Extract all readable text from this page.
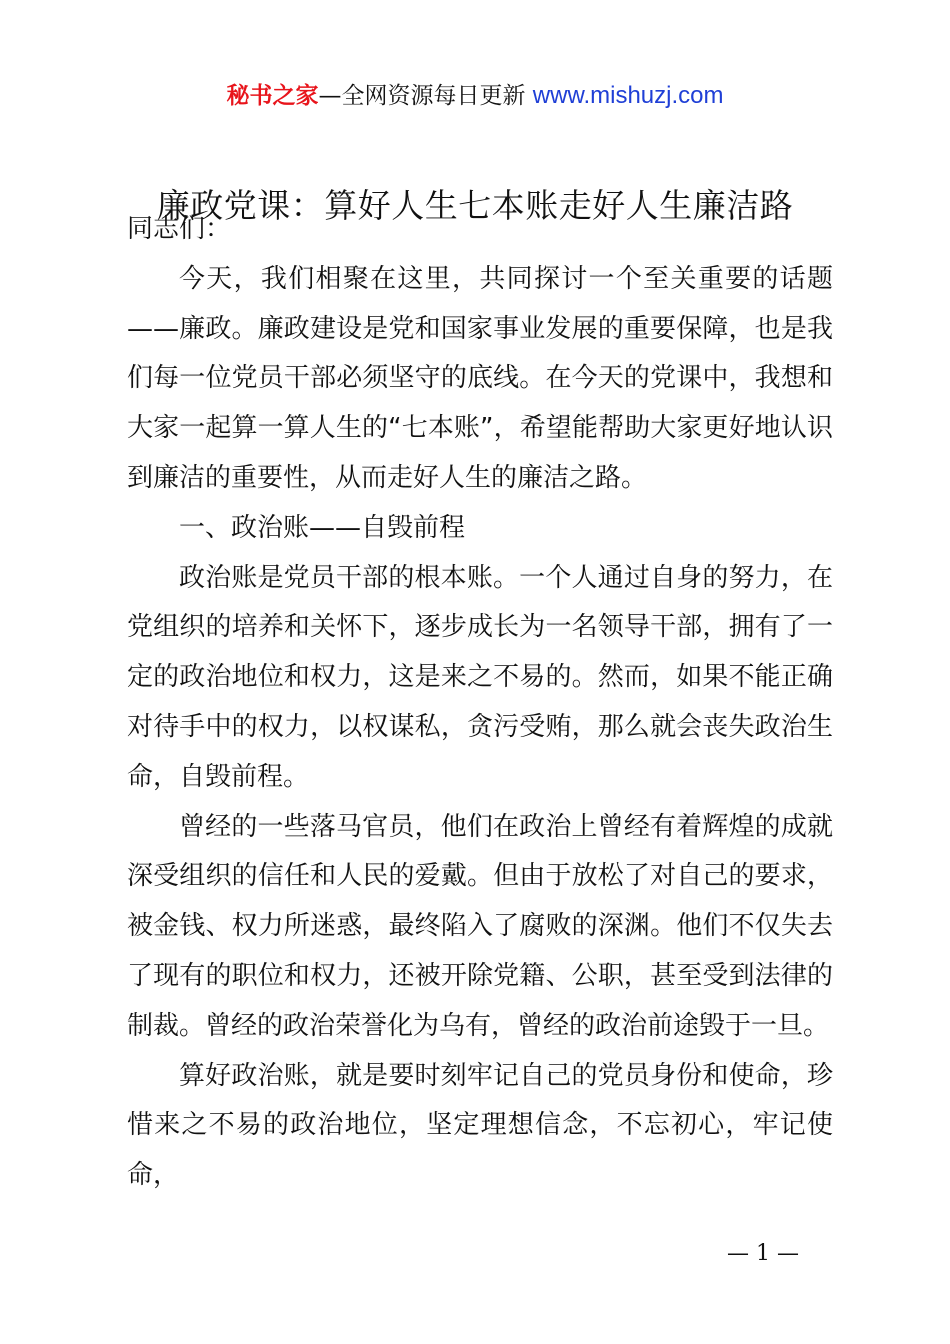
秘书之家—全网资源每日更新 www.mishuzj.com
廉政党课：算好人生七本账走好人生廉洁路

同志们：

今天，我们相聚在这里，共同探讨一个至关重要的话题——廉政。廉政建设是党和国家事业发展的重要保障，也是我们每一位党员干部必须坚守的底线。在今天的党课中，我想和大家一起算一算人生的“七本账”，希望能帮助大家更好地认识到廉洁的重要性，从而走好人生的廉洁之路。

一、政治账——自毁前程

政治账是党员干部的根本账。一个人通过自身的努力，在党组织的培养和关怀下，逐步成长为一名领导干部，拥有了一定的政治地位和权力，这是来之不易的。然而，如果不能正确对待手中的权力，以权谋私，贪污受贿，那么就会丧失政治生命，自毁前程。

曾经的一些落马官员，他们在政治上曾经有着辉煌的成就深受组织的信任和人民的爱戴。但由于放松了对自己的要求，被金钱、权力所迷惑，最终陷入了腐败的深渊。他们不仅失去了现有的职位和权力，还被开除党籍、公职，甚至受到法律的制裁。曾经的政治荣誉化为乌有，曾经的政治前途毁于一旦。

算好政治账，就是要时刻牢记自己的党员身份和使命，珍惜来之不易的政治地位，坚定理想信念，不忘初心，牢记使命，

— 1 —
